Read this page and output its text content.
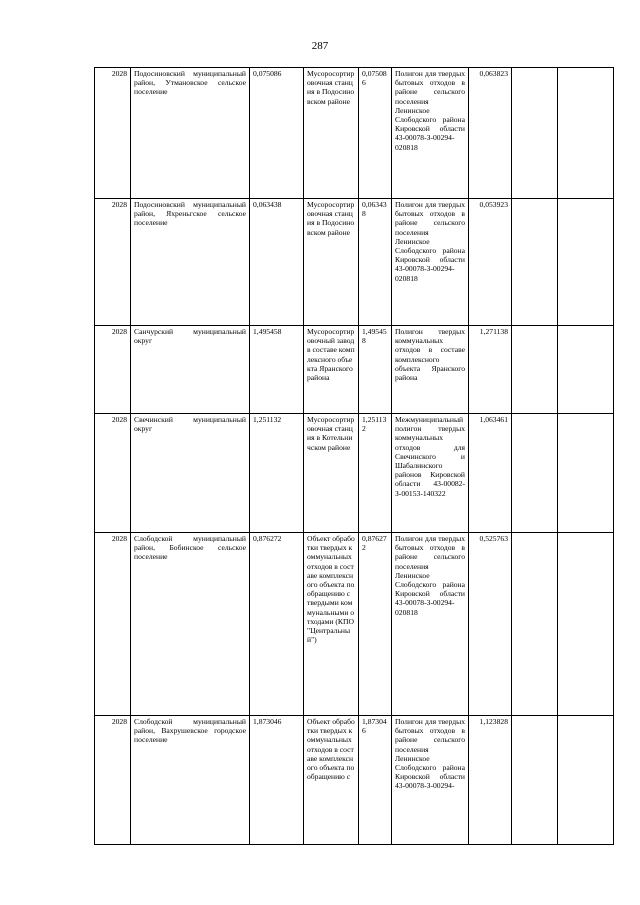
287
2028	Подосиновский муниципальный район, Утмановское сельское поселение	0,075086	Мусоросортировочная станция в Подосиновском районе	0,075086	Полигон для твердых бытовых отходов в районе сельского поселения Ленинское Слободского района Кировской области 43-00078-З-00294-020818	0,063823		
2028	Подосиновский муниципальный район, Яхреньгское сельское поселение	0,063438	Мусоросортировочная станция в Подосиновском районе	0,063438	Полигон для твердых бытовых отходов в районе сельского поселения Ленинское Слободского района Кировской области 43-00078-З-00294-020818	0,053923		
2028	Санчурский муниципальный округ	1,495458	Мусоросортировочный завод в составе комплексного объекта Яранского района	1,495458	Полигон твердых коммунальных отходов в составе комплексного объекта Яранского района	1,271138		
2028	Свечинский муниципальный округ	1,251132	Мусоросортировочная станция в Котельничском районе	1,251132	Межмуниципальный полигон твердых коммунальных отходов для Свечинского и Шабалинского районов Кировской области 43-00082-З-00153-140322	1,063461		
2028	Слободской муниципальный район, Бобинское сельское поселение	0,876272	Объект обработки твердых коммунальных отходов в составе комплексного объекта по обращению с твердыми коммунальными отходами (КПО "Центральный")	0,876272	Полигон для твердых бытовых отходов в районе сельского поселения Ленинское Слободского района Кировской области 43-00078-З-00294-020818	0,525763		
2028	Слободской муниципальный район, Вахрушевское городское поселение	1,873046	Объект обработки твердых коммунальных отходов в составе комплексного объекта по обращению с	1,873046	Полигон для твердых бытовых отходов в районе сельского поселения Ленинское Слободского района Кировской области 43-00078-З-00294-	1,123828		
